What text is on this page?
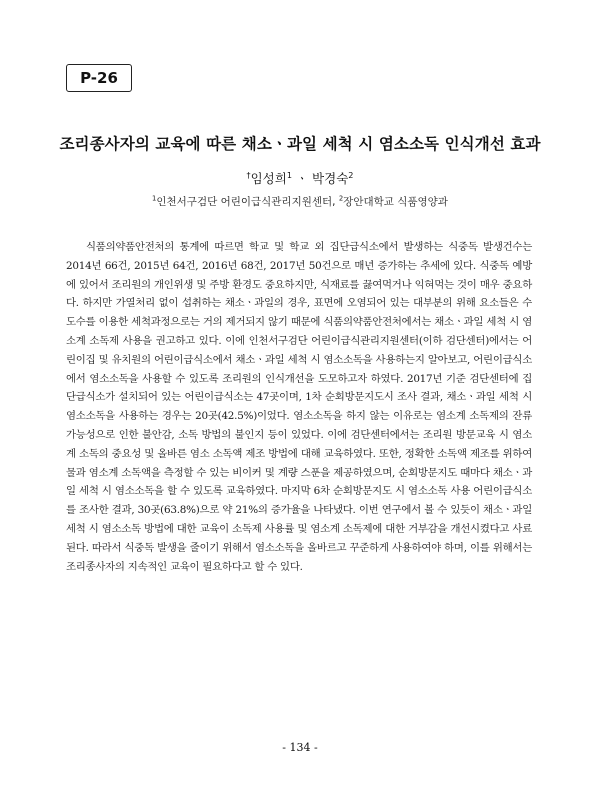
P-26
조리종사자의 교육에 따른 채소ㆍ과일 세척 시 염소소독 인식개선 효과
†임성희$^1$ ㆍ 박경숙$^2$
$^1$인천서구검단 어린이급식관리지원센터, $^2$장안대학교 식품영양과

식품의약품안전처의 통계에 따르면 학교 및 학교 외 집단급식소에서 발생하는 식중독 발생건수는 2014년 66건, 2015년 64건, 2016년 68건, 2017년 50건으로 매년 증가하는 추세에 있다. 식중독 예방에 있어서 조리원의 개인위생 및 주방 환경도 중요하지만, 식재료를 끓여먹거나 익혀먹는 것이 매우 중요하다. 하지만 가열처리 없이 섭취하는 채소ㆍ과일의 경우, 표면에 오염되어 있는 대부분의 위해 요소들은 수도수를 이용한 세척과정으로는 거의 제거되지 않기 때문에 식품의약품안전처에서는 채소ㆍ과일 세척 시 염소계 소독제 사용을 권고하고 있다. 이에 인천서구검단 어린이급식관리지원센터(이하 검단센터)에서는 어린이집 및 유치원의 어린이급식소에서 채소ㆍ과일 세척 시 염소소독을 사용하는지 알아보고, 어린이급식소에서 염소소독을 사용할 수 있도록 조리원의 인식개선을 도모하고자 하였다. 2017년 기준 검단센터에 집단급식소가 설치되어 있는 어린이급식소는 47곳이며, 1차 순회방문지도시 조사 결과, 채소ㆍ과일 세척 시 염소소독을 사용하는 경우는 20곳(42.5%)이었다. 염소소독을 하지 않는 이유로는 염소계 소독제의 잔류 가능성으로 인한 불안감, 소독 방법의 불인지 등이 있었다. 이에 검단센터에서는 조리원 방문교육 시 염소계 소독의 중요성 및 올바른 염소 소독액 제조 방법에 대해 교육하였다. 또한, 정확한 소독액 제조를 위하여 물과 염소계 소독액을 측정할 수 있는 비이커 및 계량 스푼을 제공하였으며, 순회방문지도 때마다 채소ㆍ과일 세척 시 염소소독을 할 수 있도록 교육하였다. 마지막 6차 순회방문지도 시 염소소독 사용 어린이급식소를 조사한 결과, 30곳(63.8%)으로 약 21%의 증가율을 나타냈다. 이번 연구에서 볼 수 있듯이 채소ㆍ과일 세척 시 염소소독 방법에 대한 교육이 소독제 사용률 및 염소계 소독제에 대한 거부감을 개선시켰다고 사료된다. 따라서 식중독 발생을 줄이기 위해서 염소소독을 올바르고 꾸준하게 사용하여야 하며, 이를 위해서는 조리종사자의 지속적인 교육이 필요하다고 할 수 있다.

- 134 -
